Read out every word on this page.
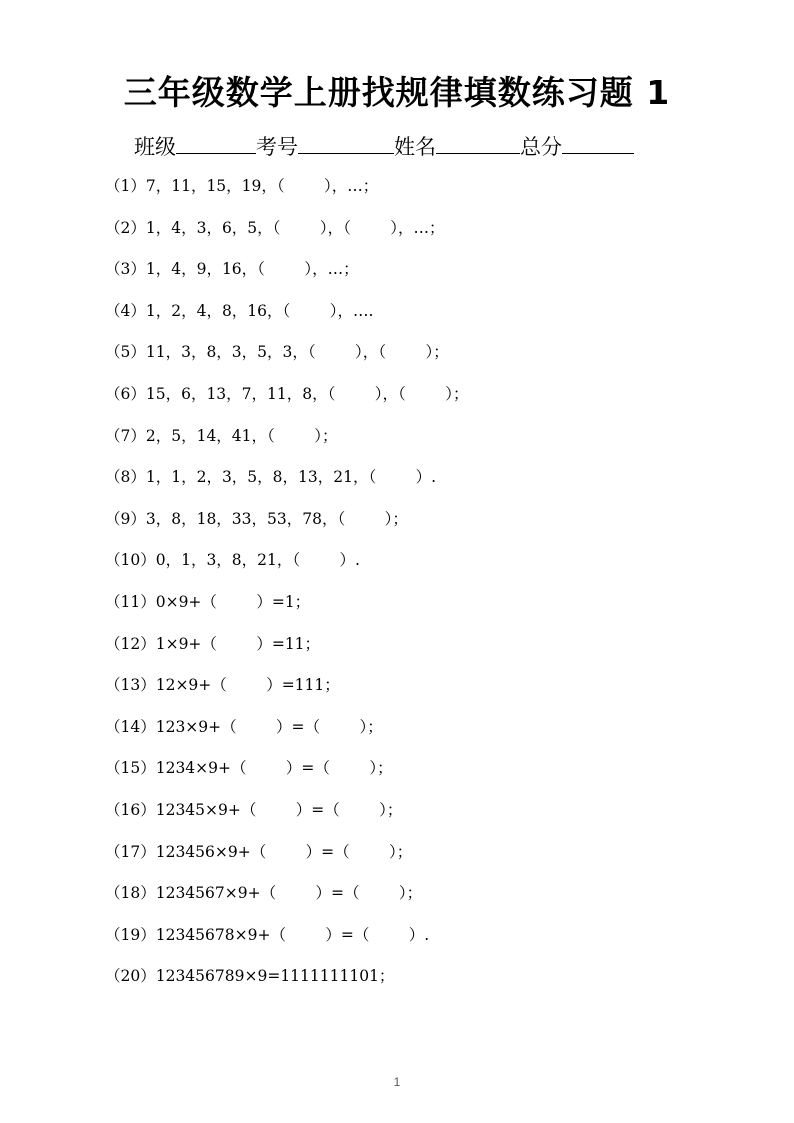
三年级数学上册找规律填数练习题 1
班级	考号	姓名	总分
（1）7，11，15，19，（        ），…；
（2）1，4，3，6，5，（        ），（        ），…；
（3）1，4，9，16，（        ），…；
（4）1，2，4，8，16，（        ），….
（5）11，3，8，3，5，3，（        ），（        ）；
（6）15，6，13，7，11，8，（        ），（        ）；
（7）2，5，14，41，（        ）；
（8）1，1，2，3，5，8，13，21，（        ）.
（9）3，8，18，33，53，78，（        ）；
（10）0，1，3，8，21，（        ）.
（11）0×9+（        ）=1；
（12）1×9+（        ）=11；
（13）12×9+（        ）=111；
（14）123×9+（        ）=（        ）；
（15）1234×9+（        ）=（        ）；
（16）12345×9+（        ）=（        ）；
（17）123456×9+（        ）=（        ）；
（18）1234567×9+（        ）=（        ）；
（19）12345678×9+（        ）=（        ）.
（20）123456789×9=1111111101；
1
